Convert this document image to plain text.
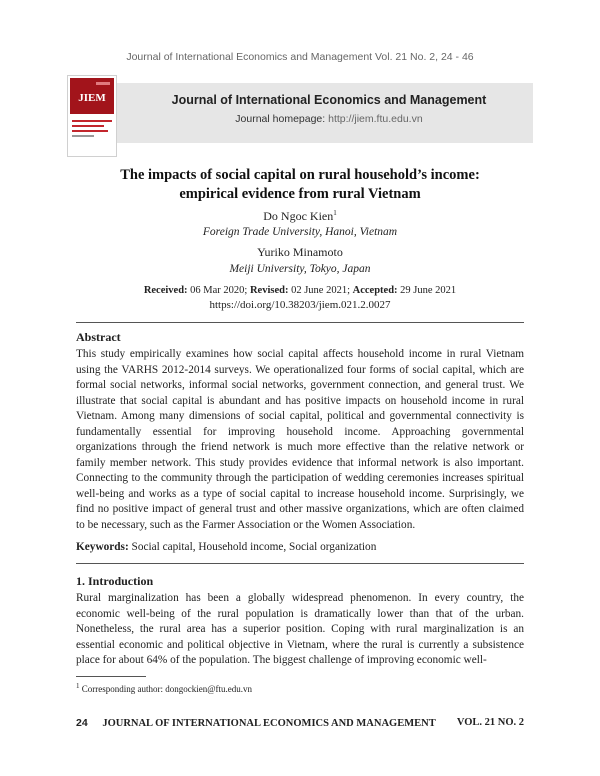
Journal of International Economics and Management Vol. 21 No. 2, 24 - 46
JIEM	Journal of International Economics and Management
Journal homepage: http://jiem.ftu.edu.vn
The impacts of social capital on rural household’s income:
empirical evidence from rural Vietnam
Do Ngoc Kien$^1$
Foreign Trade University, Hanoi, Vietnam
Yuriko Minamoto
Meiji University, Tokyo, Japan
Received: 06 Mar 2020; Revised: 02 June 2021; Accepted: 29 June 2021
https://doi.org/10.38203/jiem.021.2.0027
Abstract

This study empirically examines how social capital affects household income in rural Vietnam using the VARHS 2012-2014 surveys. We operationalized four forms of social capital, which are formal social networks, informal social networks, government connection, and general trust. We illustrate that social capital is abundant and has positive impacts on household income in rural Vietnam. Among many dimensions of social capital, political and governmental connectivity is fundamentally essential for improving household income. Approaching governmental organizations through the friend network is much more effective than the relative network or family member network. This study provides evidence that informal network is also important. Connecting to the community through the participation of wedding ceremonies increases spiritual well-being and works as a type of social capital to increase household income. Surprisingly, we find no positive impact of general trust and other massive organizations, which are often claimed to be necessary, such as the Farmer Association or the Women Association.

Keywords: Social capital, Household income, Social organization
1. Introduction

Rural marginalization has been a globally widespread phenomenon. In every country, the economic well-being of the rural population is dramatically lower than that of the urban. Nonetheless, the rural area has a superior position. Coping with rural marginalization is an essential economic and political objective in Vietnam, where the rural is currently a subsistence place for about 64% of the population. The biggest challenge of improving economic well-

$^1$ Corresponding author: dongockien@ftu.edu.vn
24 JOURNAL OF INTERNATIONAL ECONOMICS AND MANAGEMENT VOL. 21 NO. 2
